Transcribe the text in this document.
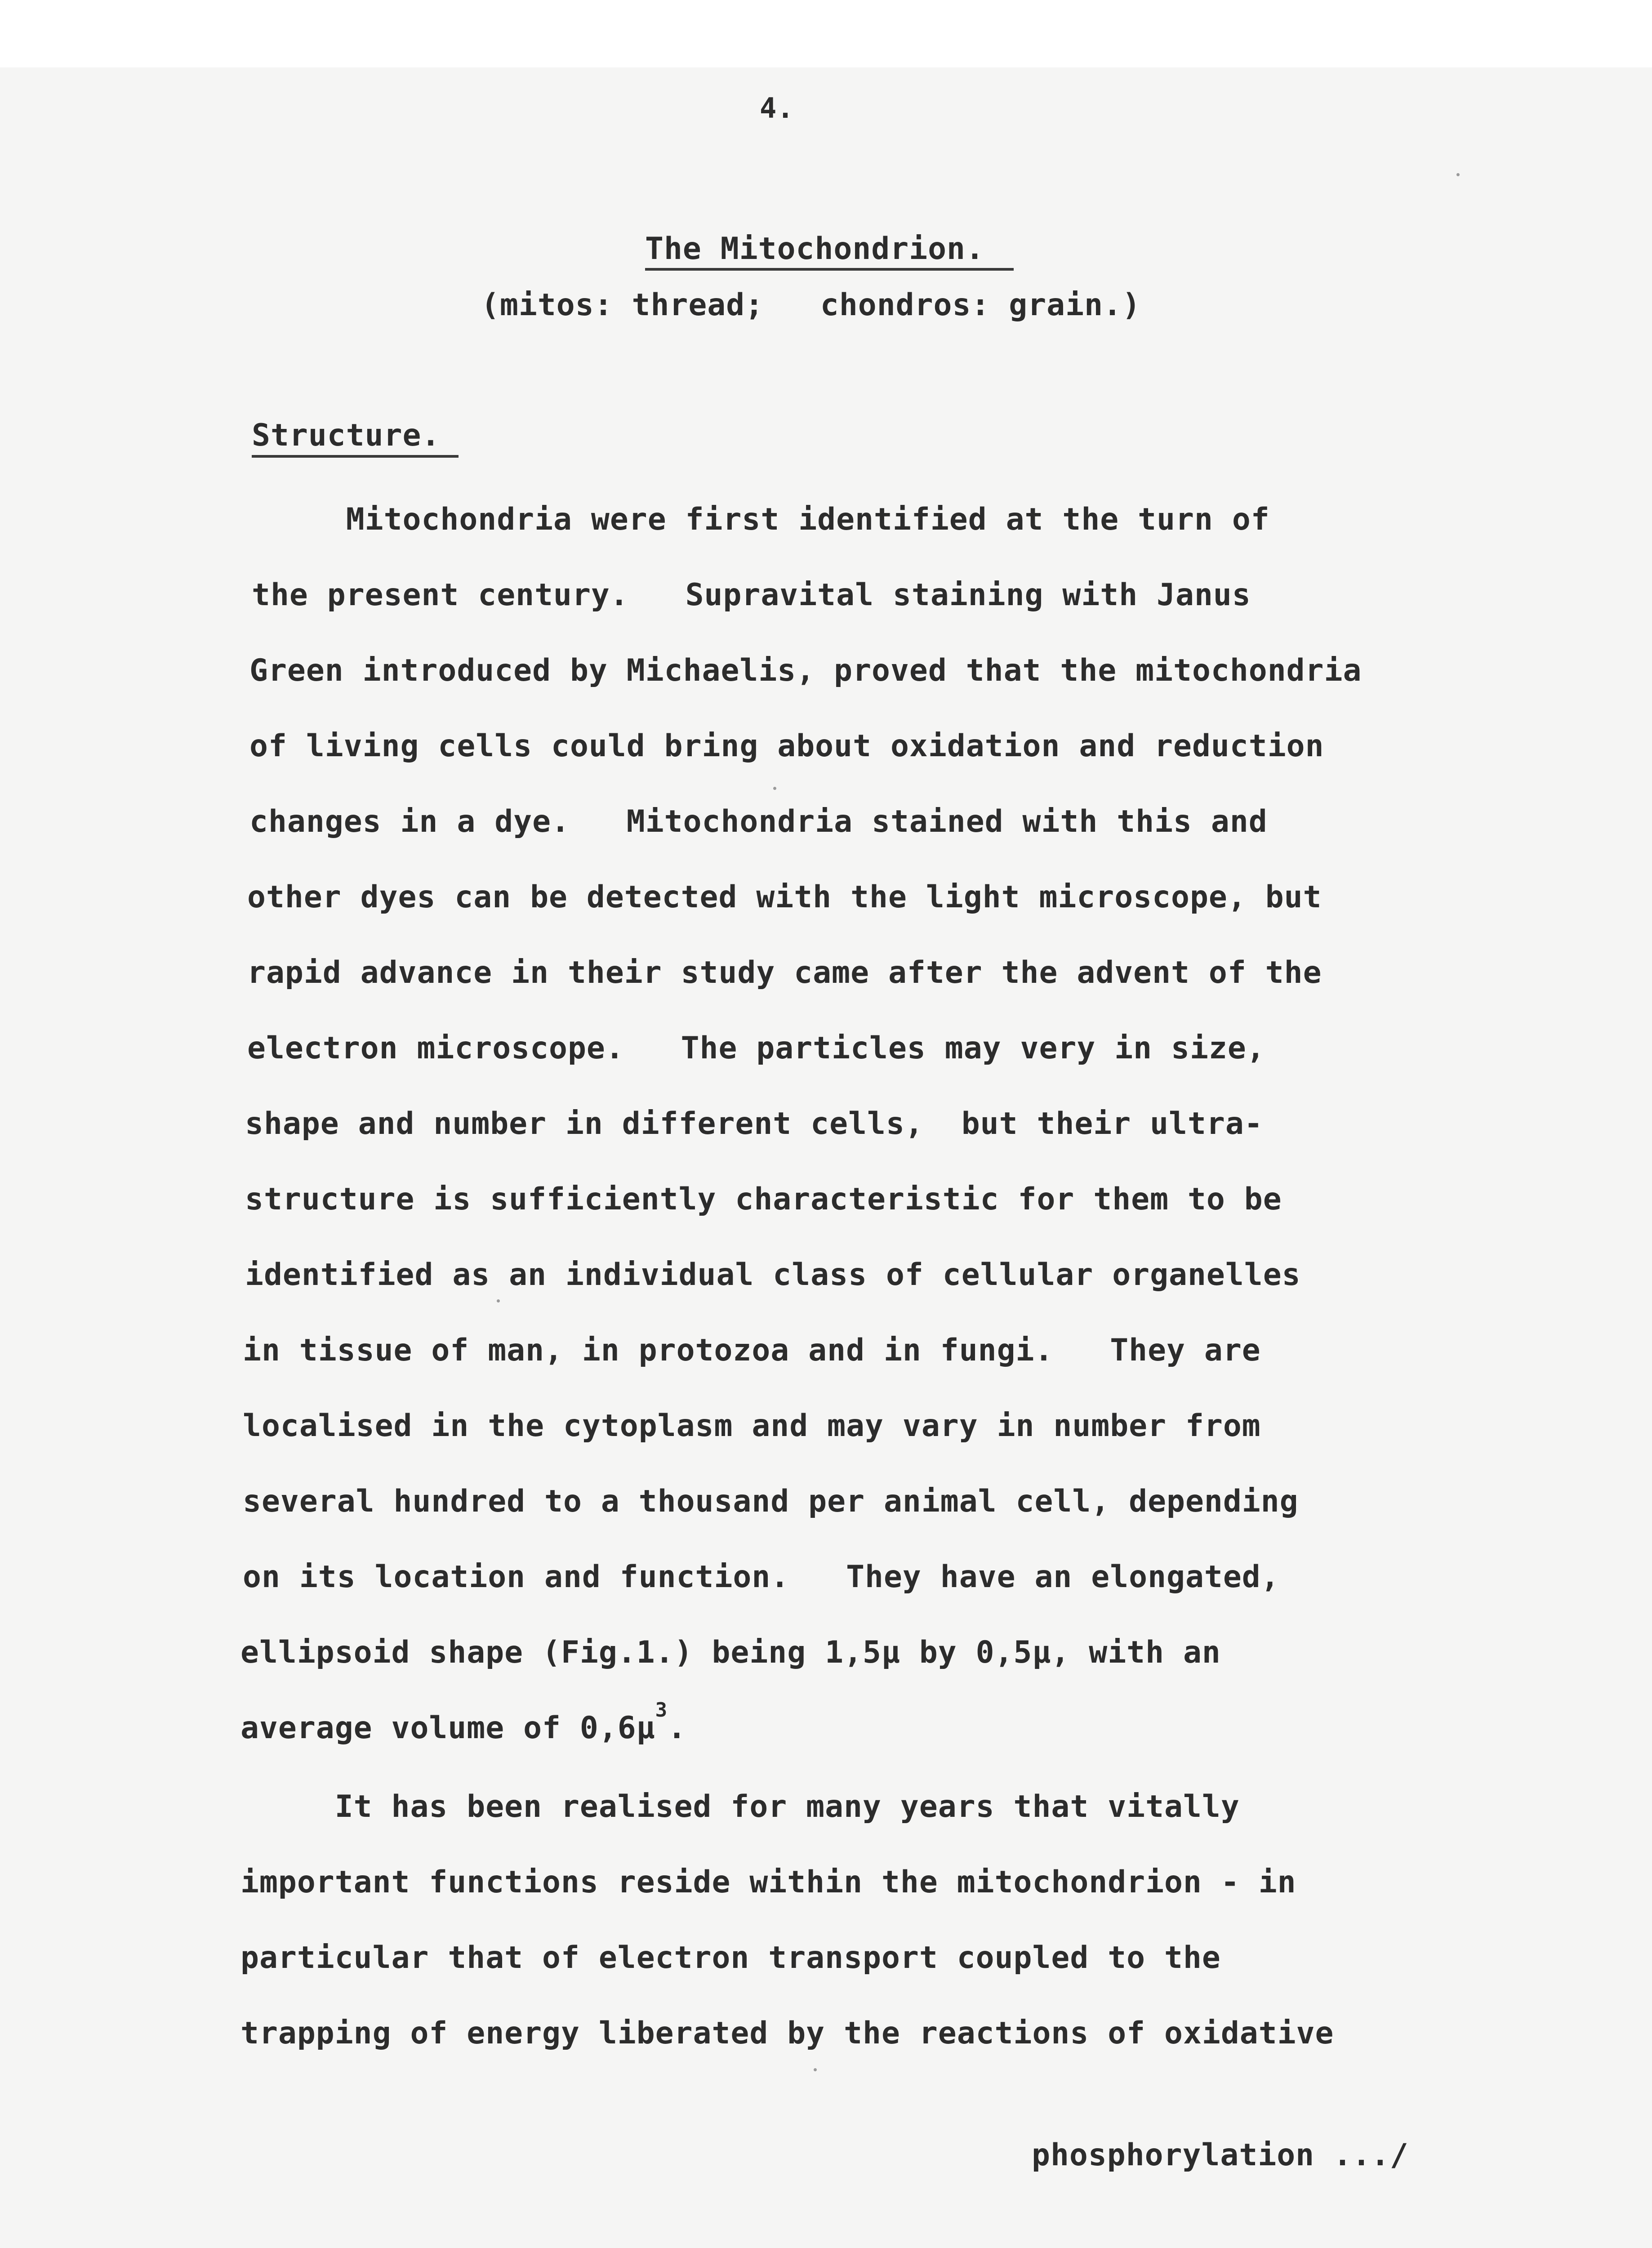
4.
The Mitochondrion.
(mitos: thread;   chondros: grain.)
Structure.
Mitochondria were first identified at the turn of
the present century.   Supravital staining with Janus
Green introduced by Michaelis, proved that the mitochondria
of living cells could bring about oxidation and reduction
changes in a dye.   Mitochondria stained with this and
other dyes can be detected with the light microscope, but
rapid advance in their study came after the advent of the
electron microscope.   The particles may very in size,
shape and number in different cells,  but their ultra-
structure is sufficiently characteristic for them to be
identified as an individual class of cellular organelles
in tissue of man, in protozoa and in fungi.   They are
localised in the cytoplasm and may vary in number from
several hundred to a thousand per animal cell, depending
on its location and function.   They have an elongated,
ellipsoid shape (Fig.1.) being 1,5µ by 0,5µ, with an
average volume of 0,6µ$^3$.
It has been realised for many years that vitally
important functions reside within the mitochondrion - in
particular that of electron transport coupled to the
trapping of energy liberated by the reactions of oxidative
phosphorylation .../
